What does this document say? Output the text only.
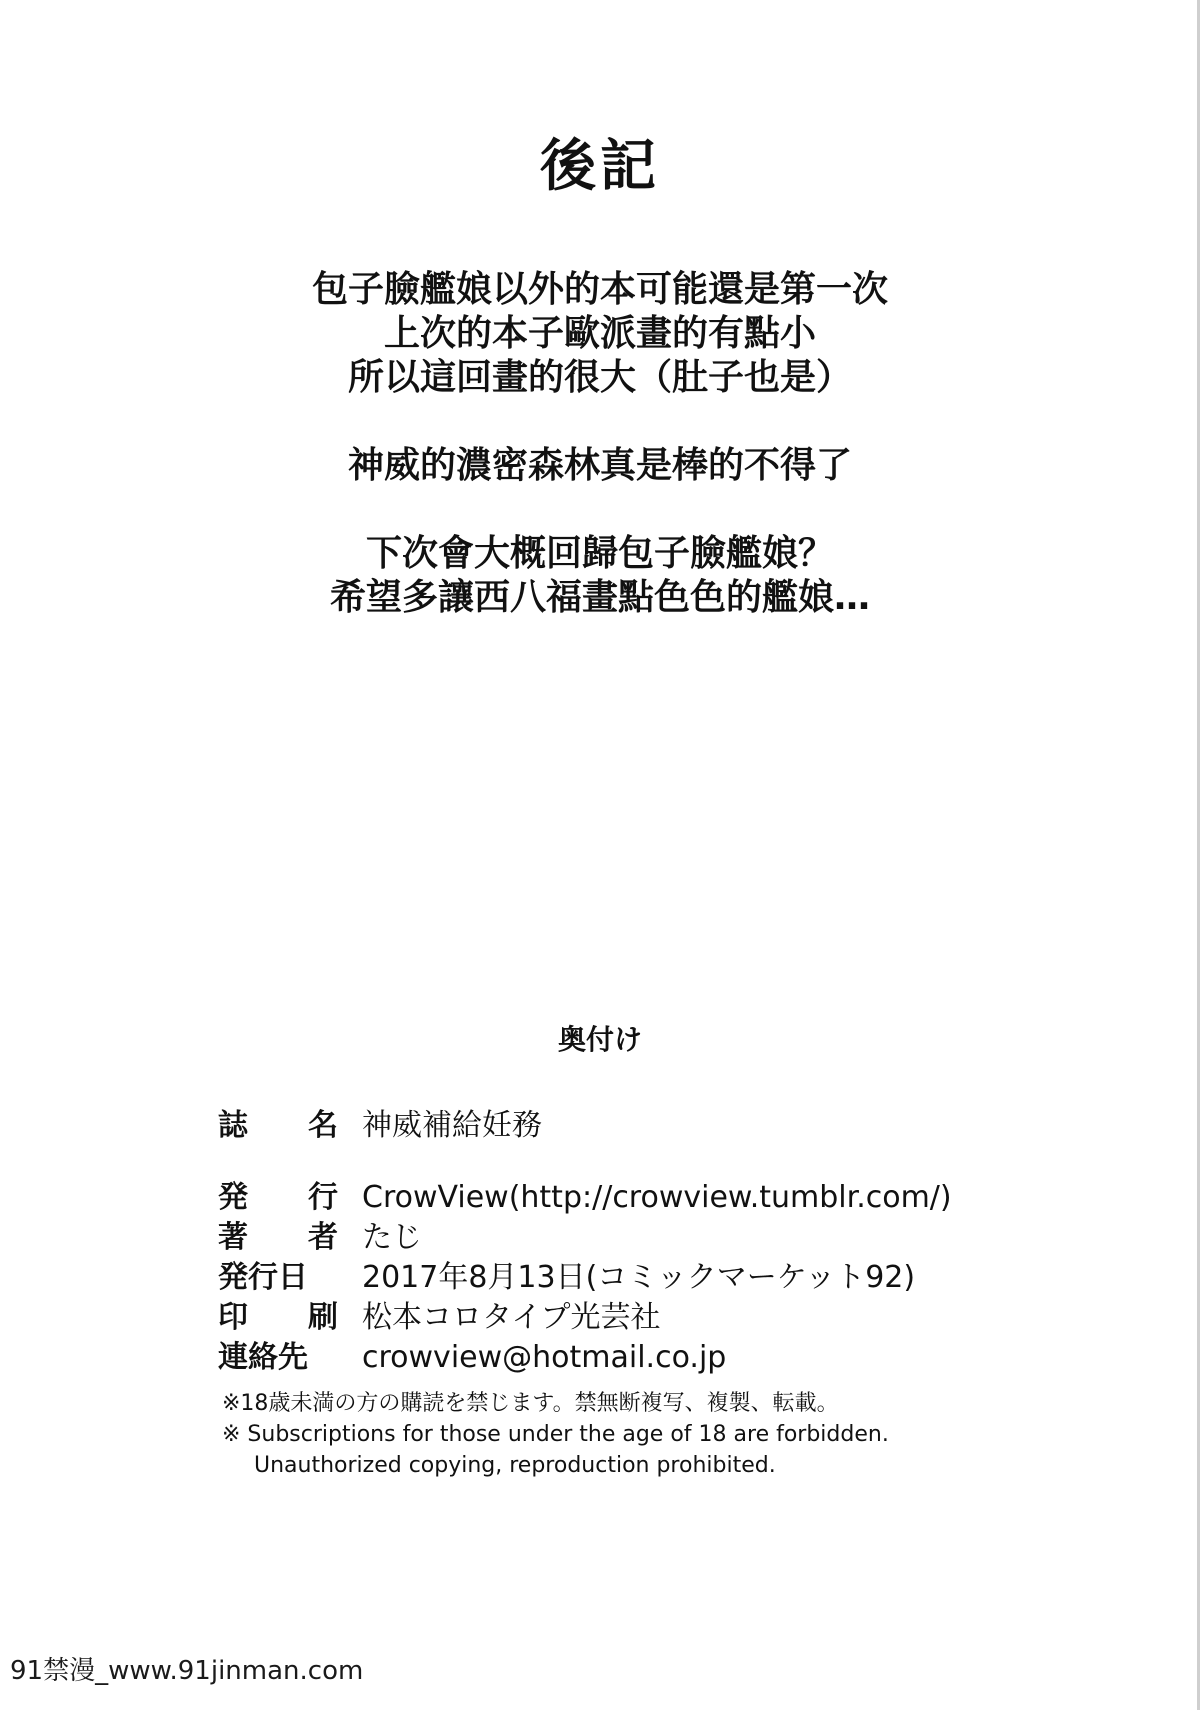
後記
包子臉艦娘以外的本可能還是第一次
上次的本子歐派畫的有點小
所以這回畫的很大（肚子也是）
神威的濃密森林真是棒的不得了
下次會大概回歸包子臉艦娘？
希望多讓西八福畫點色色的艦娘…
奥付け
誌 名 神威補給妊務
発 行 CrowView(http://crowview.tumblr.com/)
著 者 たじ
発行日 2017年8月13日(コミックマーケット92)
印 刷 松本コロタイプ光芸社
連絡先 crowview@hotmail.co.jp
※18歳未満の方の購読を禁じます。禁無断複写、複製、転載。
※ Subscriptions for those under the age of 18 are forbidden.
Unauthorized copying, reproduction prohibited.
91禁漫_www.91jinman.com
